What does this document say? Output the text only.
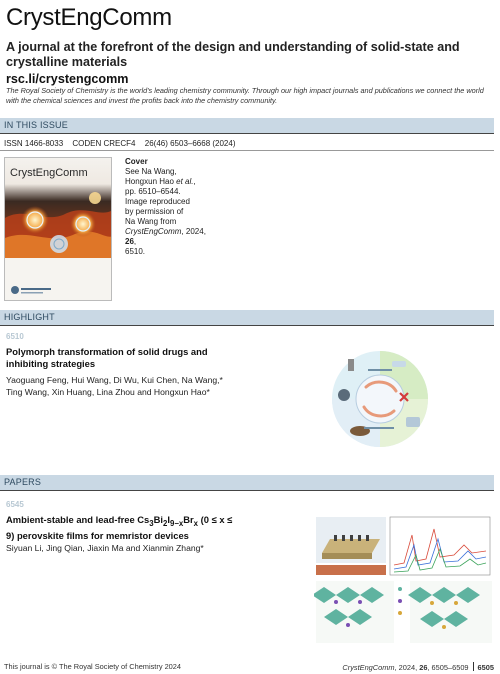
CrystEngComm
A journal at the forefront of the design and understanding of solid-state and crystalline materials
rsc.li/crystengcomm
The Royal Society of Chemistry is the world's leading chemistry community. Through our high impact journals and publications we connect the world with the chemical sciences and invest the profits back into the chemistry community.
IN THIS ISSUE
ISSN 1466-8033 CODEN CRECF4 26(46) 6503–6668 (2024)
CrystEngComm
Cover
See Na Wang,
Hongxun Hao et al.,
pp. 6510–6544.
Image reproduced
by permission of
Na Wang from
CrystEngComm, 2024, 26,
6510.
HIGHLIGHT
6510
Polymorph transformation of solid drugs and
inhibiting strategies
Yaoguang Feng, Hui Wang, Di Wu, Kui Chen, Na Wang,*
Ting Wang, Xin Huang, Lina Zhou and Hongxun Hao*
PAPERS
6545
Ambient-stable and lead-free $Cs_3Bi_2I_{9-x}Br_x$ (0 ≤ x ≤
9) perovskite films for memristor devices
Siyuan Li, Jing Qian, Jiaxin Ma and Xianmin Zhang*
This journal is © The Royal Society of Chemistry 2024	CrystEngComm, 2024, 26, 6505–6509 6505
